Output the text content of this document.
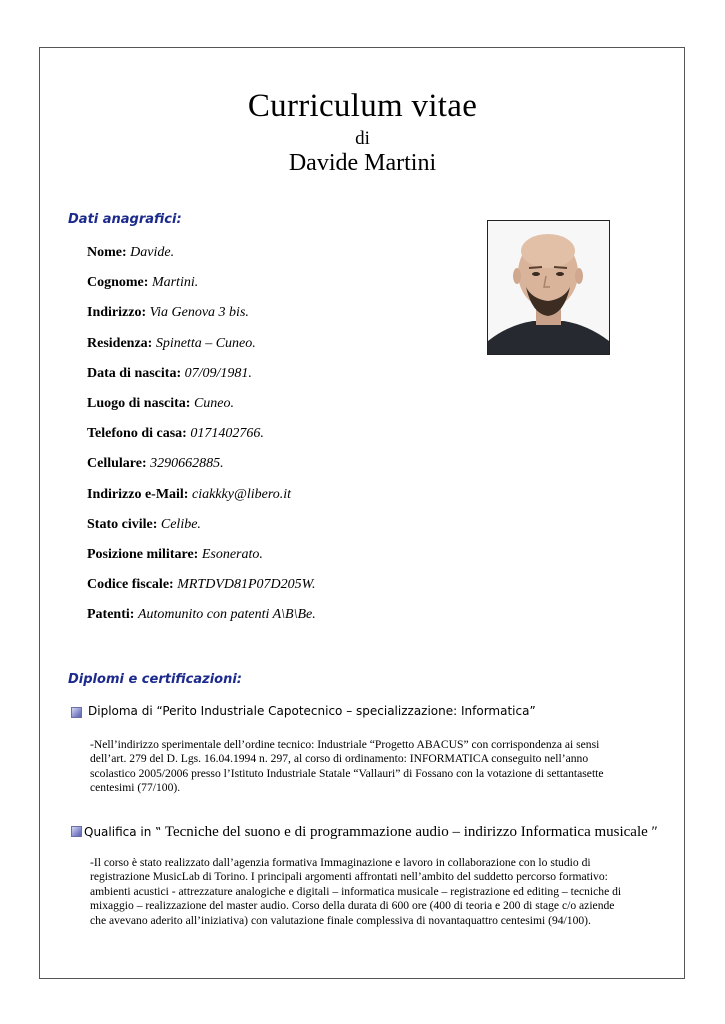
Curriculum vitae
di
Davide Martini
Dati anagrafici:
Nome: Davide.
Cognome: Martini.
Indirizzo: Via Genova 3 bis.
Residenza: Spinetta – Cuneo.
Data di nascita: 07/09/1981.
Luogo di nascita: Cuneo.
Telefono di casa: 0171402766.
Cellulare: 3290662885.
Indirizzo e-Mail: ciakkky@libero.it
Stato civile: Celibe.
Posizione militare: Esonerato.
Codice fiscale: MRTDVD81P07D205W.
Patenti: Automunito con patenti A\B\Be.
Diplomi e certificazioni:
Diploma di “Perito Industriale Capotecnico – specializzazione: Informatica”
-Nell’indirizzo sperimentale dell’ordine tecnico: Industriale “Progetto ABACUS” con corrispondenza ai sensi
dell’art. 279 del D. Lgs. 16.04.1994 n. 297, al corso di ordinamento: INFORMATICA conseguito nell’anno
scolastico 2005/2006 presso l’Istituto Industriale Statale “Vallauri” di Fossano con la votazione di settantasette
centesimi (77/100).
Qualifica in ‟ Tecniche del suono e di programmazione audio – indirizzo Informatica musicale ″
-Il corso è stato realizzato dall’agenzia formativa Immaginazione e lavoro in collaborazione con lo studio di
registrazione MusicLab di Torino. I principali argomenti affrontati nell’ambito del suddetto percorso formativo:
ambienti acustici - attrezzature analogiche e digitali – informatica musicale – registrazione ed editing – tecniche di
mixaggio – realizzazione del master audio. Corso della durata di 600 ore (400 di teoria e 200 di stage c/o aziende
che avevano aderito all’iniziativa) con valutazione finale complessiva di novantaquattro centesimi (94/100).
